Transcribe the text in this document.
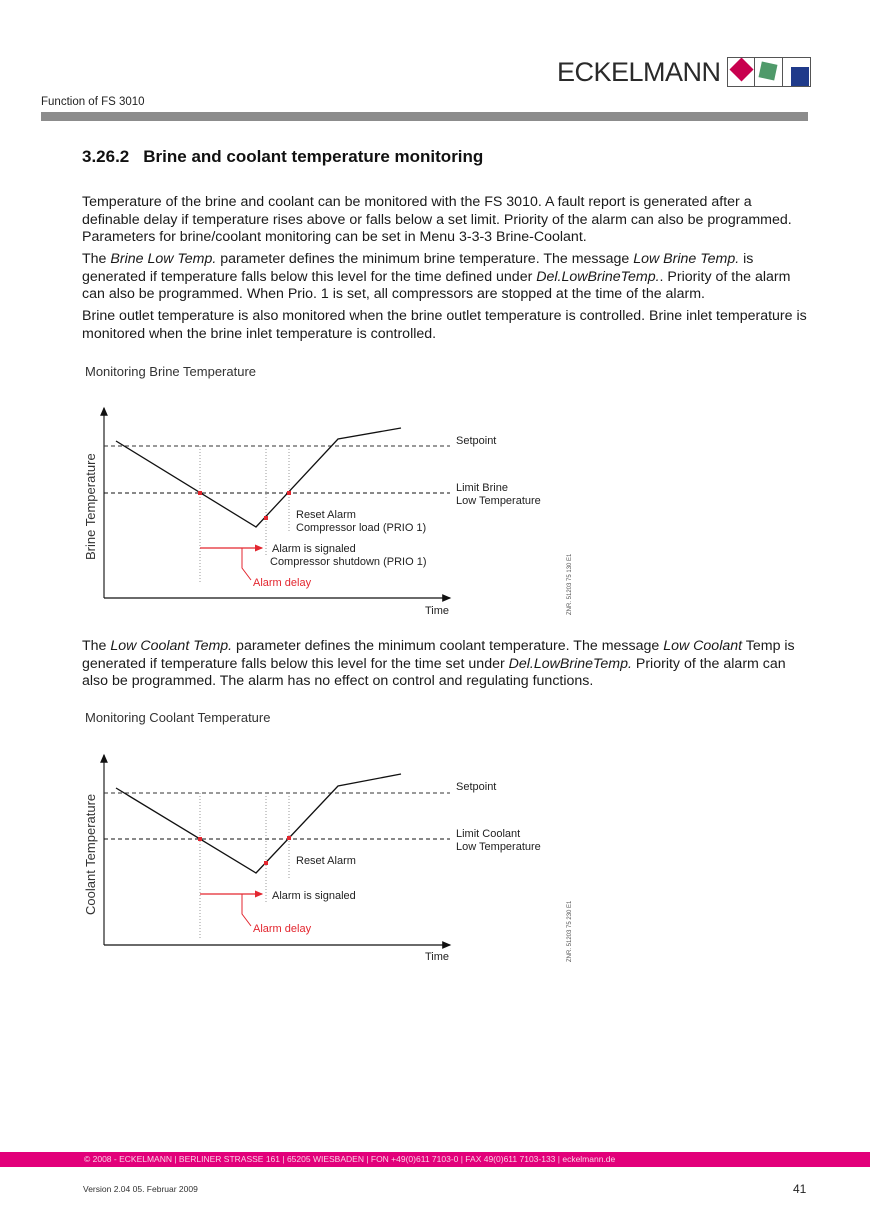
ECKELMANN
Function of FS 3010
3.26.2 Brine and coolant temperature monitoring
Temperature of the brine and coolant can be monitored with the FS 3010. A fault report is generated after a definable delay if temperature rises above or falls below a set limit. Priority of the alarm can also be programmed. Parameters for brine/coolant monitoring can be set in Menu 3-3-3 Brine-Coolant.
The Brine Low Temp. parameter defines the minimum brine temperature. The message Low Brine Temp. is generated if temperature falls below this level for the time defined under Del.LowBrineTemp.. Priority of the alarm can also be programmed. When Prio. 1 is set, all compressors are stopped at the time of the alarm.
Brine outlet temperature is also monitored when the brine outlet temperature is controlled. Brine inlet temperature is monitored when the brine inlet temperature is controlled.
Monitoring Brine Temperature
Setpoint
Limit Brine
Low Temperature
Reset Alarm
Compressor load (PRIO 1)
Alarm is signaled
Compressor shutdown (PRIO 1)
Alarm delay
Time
Brine Temperature
ZNR. 51203 75 130 E1
Setpoint
Limit Coolant
Low Temperature
Reset Alarm
Alarm is signaled
Alarm delay
Time
Coolant Temperature
ZNR. 51203 75 230 E1
The Low Coolant Temp. parameter defines the minimum coolant temperature. The message Low Coolant Temp is generated if temperature falls below this level for the time set under Del.LowBrineTemp. Priority of the alarm can also be programmed. The alarm has no effect on control and regulating functions.
Monitoring Coolant Temperature
© 2008 - ECKELMANN | BERLINER STRASSE 161 | 65205 WIESBADEN | FON +49(0)611 7103-0 | FAX 49(0)611 7103-133 | eckelmann.de
Version 2.04 05. Februar 2009	41
